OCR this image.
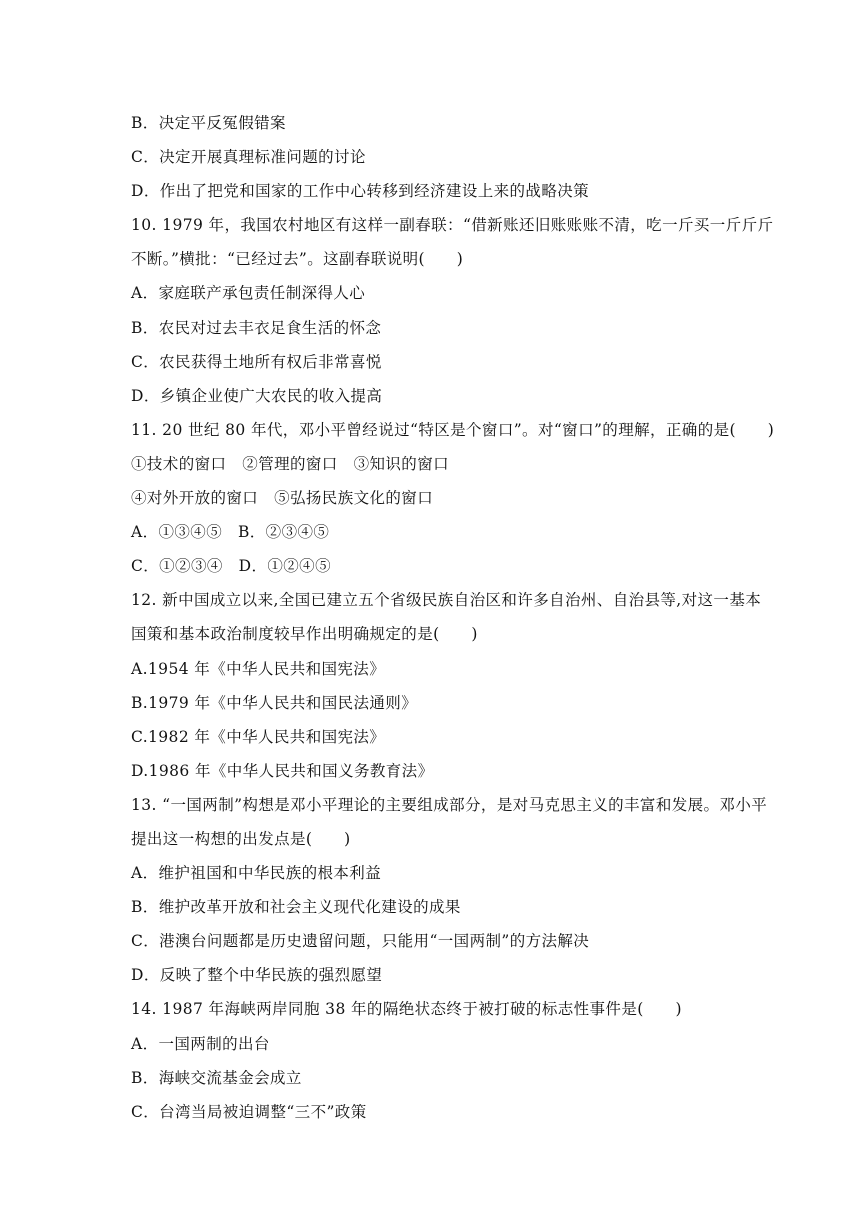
B．决定平反冤假错案
C．决定开展真理标准问题的讨论
D．作出了把党和国家的工作中心转移到经济建设上来的战略决策
10. 1979 年，我国农村地区有这样一副春联：“借新账还旧账账账不清，吃一斤买一斤斤斤
不断。”横批：“已经过去”。这副春联说明(　　)
A．家庭联产承包责任制深得人心
B．农民对过去丰衣足食生活的怀念
C．农民获得土地所有权后非常喜悦
D．乡镇企业使广大农民的收入提高
11. 20 世纪 80 年代，邓小平曾经说过“特区是个窗口”。对“窗口”的理解，正确的是(　　)
①技术的窗口　②管理的窗口　③知识的窗口
④对外开放的窗口　⑤弘扬民族文化的窗口
A．①③④⑤　B．②③④⑤
C．①②③④　D．①②④⑤
12. 新中国成立以来,全国已建立五个省级民族自治区和许多自治州、自治县等,对这一基本
国策和基本政治制度较早作出明确规定的是(　　)
A.1954 年《中华人民共和国宪法》
B.1979 年《中华人民共和国民法通则》
C.1982 年《中华人民共和国宪法》
D.1986 年《中华人民共和国义务教育法》
13. “一国两制”构想是邓小平理论的主要组成部分，是对马克思主义的丰富和发展。邓小平
提出这一构想的出发点是(　　)
A．维护祖国和中华民族的根本利益
B．维护改革开放和社会主义现代化建设的成果
C．港澳台问题都是历史遗留问题，只能用“一国两制”的方法解决
D．反映了整个中华民族的强烈愿望
14. 1987 年海峡两岸同胞 38 年的隔绝状态终于被打破的标志性事件是(　　)
A．一国两制的出台
B．海峡交流基金会成立
C．台湾当局被迫调整“三不”政策
